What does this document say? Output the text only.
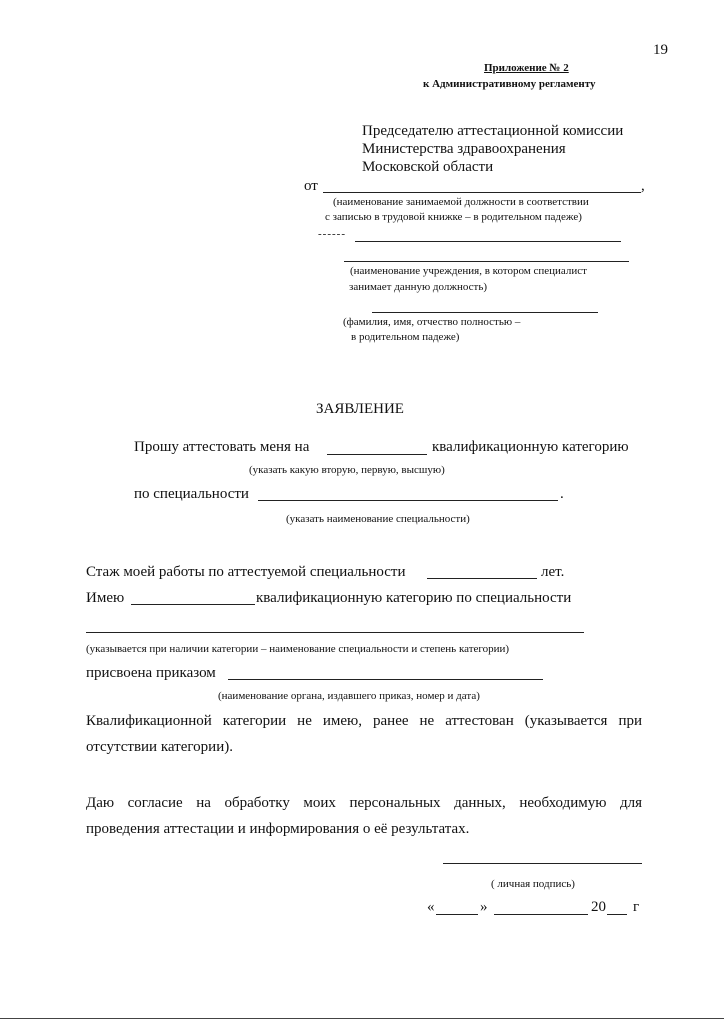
19
Приложение № 2
к Административному регламенту
Председателю аттестационной комиссии
Министерства здравоохранения
Московской области
от	,
(наименование занимаемой должности в соответствии
с записью в трудовой книжке – в родительном падеже)
------
(наименование учреждения, в котором специалист
занимает данную должность)
(фамилия, имя, отчество полностью –
в родительном падеже)
ЗАЯВЛЕНИЕ
Прошу аттестовать меня на	квалификационную категорию
(указать какую вторую, первую, высшую)
по специальности	.
(указать наименование специальности)
Стаж моей работы по аттестуемой специальности	лет.
Имею	квалификационную категорию по специальности
(указывается при наличии категории – наименование специальности и степень категории)
присвоена приказом
(наименование органа, издавшего приказ, номер и дата)
Квалификационной категории не имею, ранее не аттестован (указывается при
отсутствии категории).
Даю согласие на обработку моих персональных данных, необходимую для
проведения аттестации и информирования о её результатах.
( личная подпись)
«	»	20 г
